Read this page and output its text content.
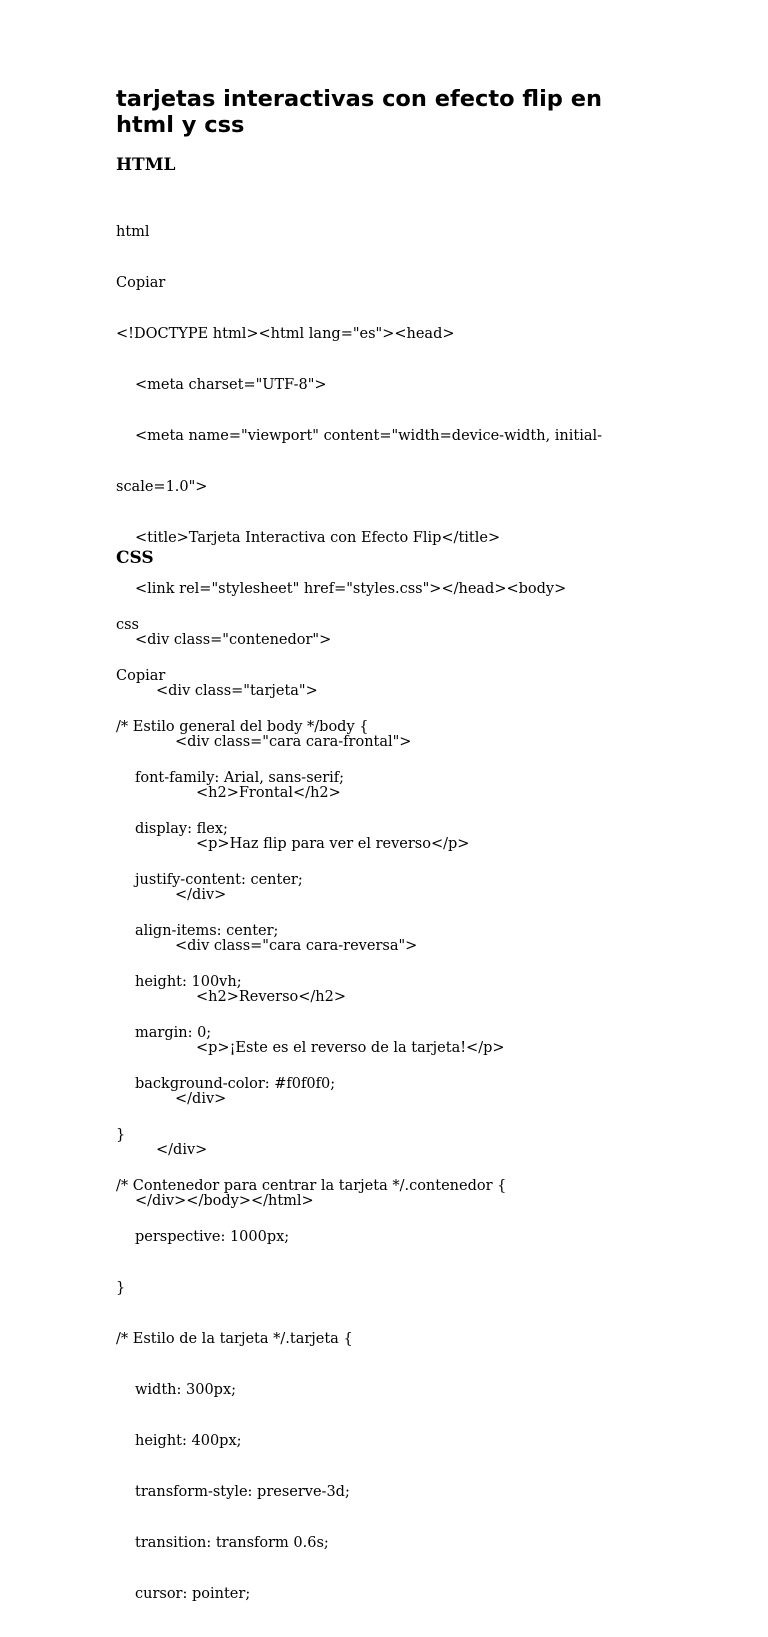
tarjetas interactivas con efecto flip en html y css
HTML

html

Copiar

<!DOCTYPE html><html lang="es"><head>

<meta charset="UTF-8">

<meta name="viewport" content="width=device-width, initial-

scale=1.0">

<title>Tarjeta Interactiva con Efecto Flip</title>

<link rel="stylesheet" href="styles.css"></head><body>

<div class="contenedor">

<div class="tarjeta">

<div class="cara cara-frontal">

<h2>Frontal</h2>

<p>Haz flip para ver el reverso</p>

</div>

<div class="cara cara-reversa">

<h2>Reverso</h2>

<p>¡Este es el reverso de la tarjeta!</p>

</div>

</div>

</div></body></html>

CSS

css

Copiar

/* Estilo general del body */body {

font-family: Arial, sans-serif;

display: flex;

justify-content: center;

align-items: center;

height: 100vh;

margin: 0;

background-color: #f0f0f0;

}

/* Contenedor para centrar la tarjeta */.contenedor {

perspective: 1000px;

}

/* Estilo de la tarjeta */.tarjeta {

width: 300px;

height: 400px;

transform-style: preserve-3d;

transition: transform 0.6s;

cursor: pointer;
